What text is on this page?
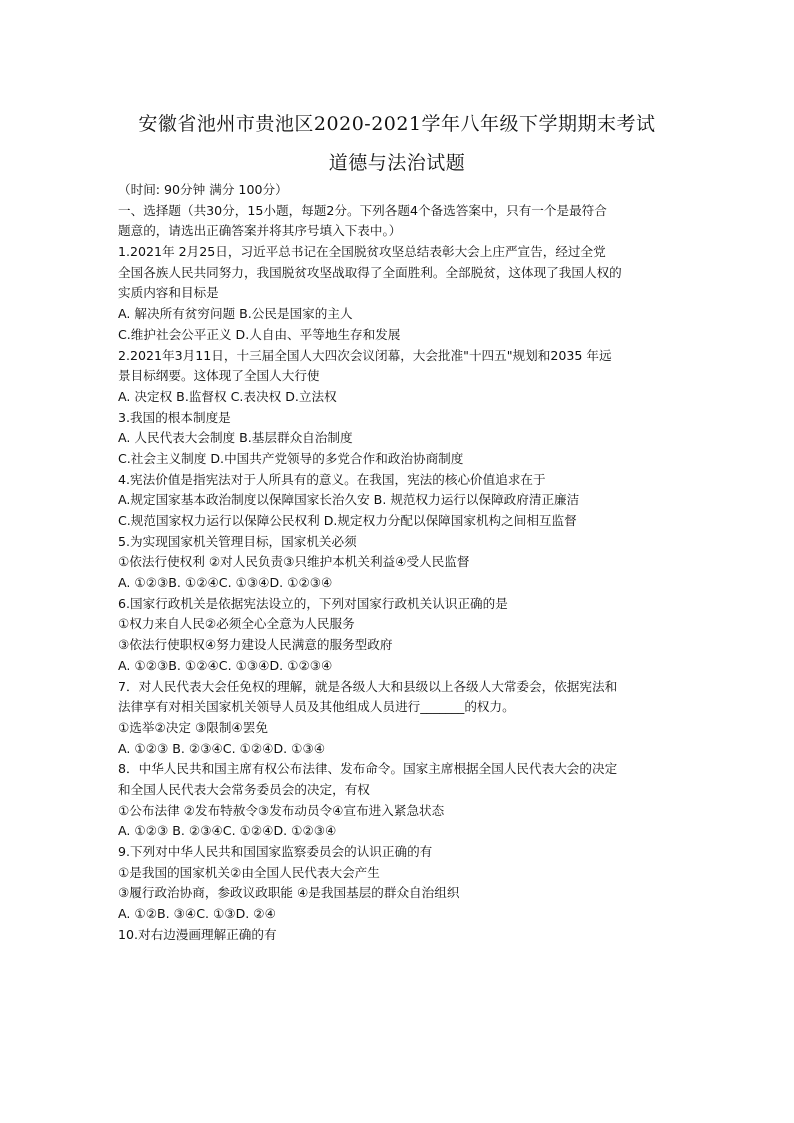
安徽省池州市贵池区2020-2021学年八年级下学期期末考试
道德与法治试题
（时间: 90分钟 满分 100分）
一、选择题（共30分，15小题，每题2分。下列各题4个备选答案中，只有一个是最符合
题意的，请选出正确答案并将其序号填入下表中。）
1.2021年 2月25日，习近平总书记在全国脱贫攻坚总结表彰大会上庄严宣告，经过全党
全国各族人民共同努力，我国脱贫攻坚战取得了全面胜利。全部脱贫，这体现了我国人权的
实质内容和目标是
A. 解决所有贫穷问题 B.公民是国家的主人
C.维护社会公平正义 D.人自由、平等地生存和发展
2.2021年3月11日，十三届全国人大四次会议闭幕，大会批准"十四五"规划和2035 年远
景目标纲要。这体现了全国人大行使
A. 决定权 B.监督权 C.表决权 D.立法权
3.我国的根本制度是
A. 人民代表大会制度 B.基层群众自治制度
C.社会主义制度 D.中国共产党领导的多党合作和政治协商制度
4.宪法价值是指宪法对于人所具有的意义。在我国，宪法的核心价值追求在于
A.规定国家基本政治制度以保障国家长治久安 B. 规范权力运行以保障政府清正廉洁
C.规范国家权力运行以保障公民权利 D.规定权力分配以保障国家机构之间相互监督
5.为实现国家机关管理目标，国家机关必须
①依法行使权利 ②对人民负责③只维护本机关利益④受人民监督
A. ①②③B. ①②④C. ①③④D. ①②③④
6.国家行政机关是依据宪法设立的，下列对国家行政机关认识正确的是
①权力来自人民②必须全心全意为人民服务
③依法行使职权④努力建设人民满意的服务型政府
A. ①②③B. ①②④C. ①③④D. ①②③④
7．对人民代表大会任免权的理解，就是各级人大和县级以上各级人大常委会，依据宪法和
法律享有对相关国家机关领导人员及其他组成人员进行_______的权力。
①选举②决定 ③限制④罢免
A. ①②③ B. ②③④C. ①②④D. ①③④
8．中华人民共和国主席有权公布法律、发布命令。国家主席根据全国人民代表大会的决定
和全国人民代表大会常务委员会的决定，有权
①公布法律 ②发布特赦令③发布动员令④宣布进入紧急状态
A. ①②③ B. ②③④C. ①②④D. ①②③④
9.下列对中华人民共和国国家监察委员会的认识正确的有
①是我国的国家机关②由全国人民代表大会产生
③履行政治协商，参政议政职能 ④是我国基层的群众自治组织
A. ①②B. ③④C. ①③D. ②④
10.对右边漫画理解正确的有
